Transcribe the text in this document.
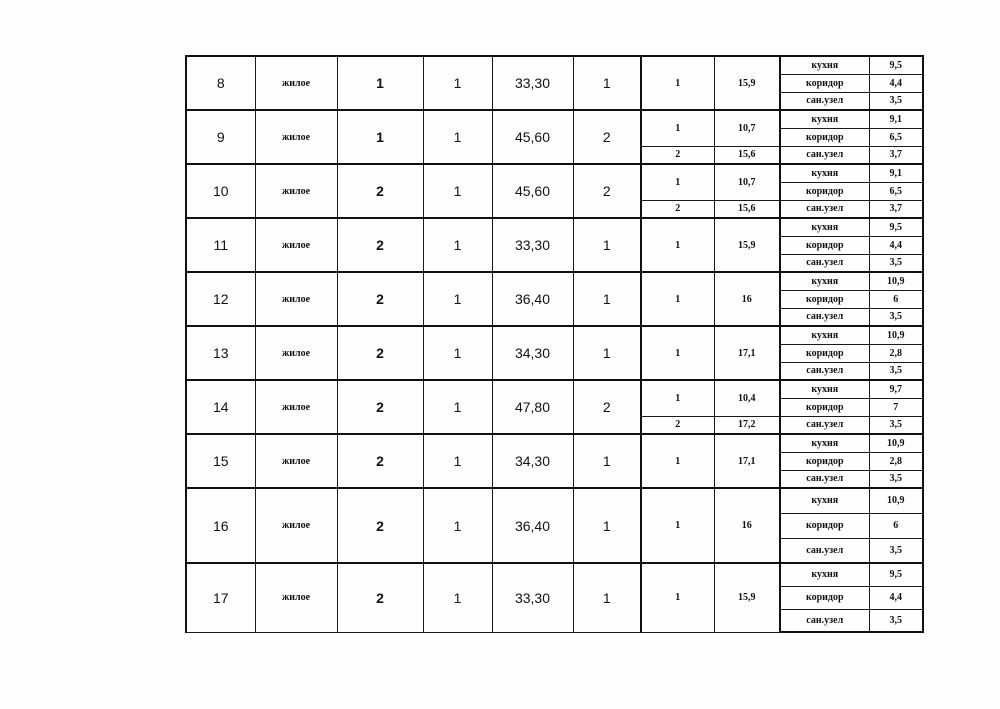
8	жилое	1	1	33,30	1	1	15,9	кухня	9,5
								коридор	4,4
								сан.узел	3,5
9	жилое	1	1	45,60	2	1	10,7	кухня	9,1
								коридор	6,5
						2	15,6	сан.узел	3,7
10	жилое	2	1	45,60	2	1	10,7	кухня	9,1
								коридор	6,5
						2	15,6	сан.узел	3,7
11	жилое	2	1	33,30	1	1	15,9	кухня	9,5
								коридор	4,4
								сан.узел	3,5
12	жилое	2	1	36,40	1	1	16	кухня	10,9
								коридор	6
								сан.узел	3,5
13	жилое	2	1	34,30	1	1	17,1	кухня	10,9
								коридор	2,8
								сан.узел	3,5
14	жилое	2	1	47,80	2	1	10,4	кухня	9,7
								коридор	7
						2	17,2	сан.узел	3,5
15	жилое	2	1	34,30	1	1	17,1	кухня	10,9
								коридор	2,8
								сан.узел	3,5
16	жилое	2	1	36,40	1	1	16	кухня	10,9
								коридор	6
								сан.узел	3,5
17	жилое	2	1	33,30	1	1	15,9	кухня	9,5
								коридор	4,4
								сан.узел	3,5
